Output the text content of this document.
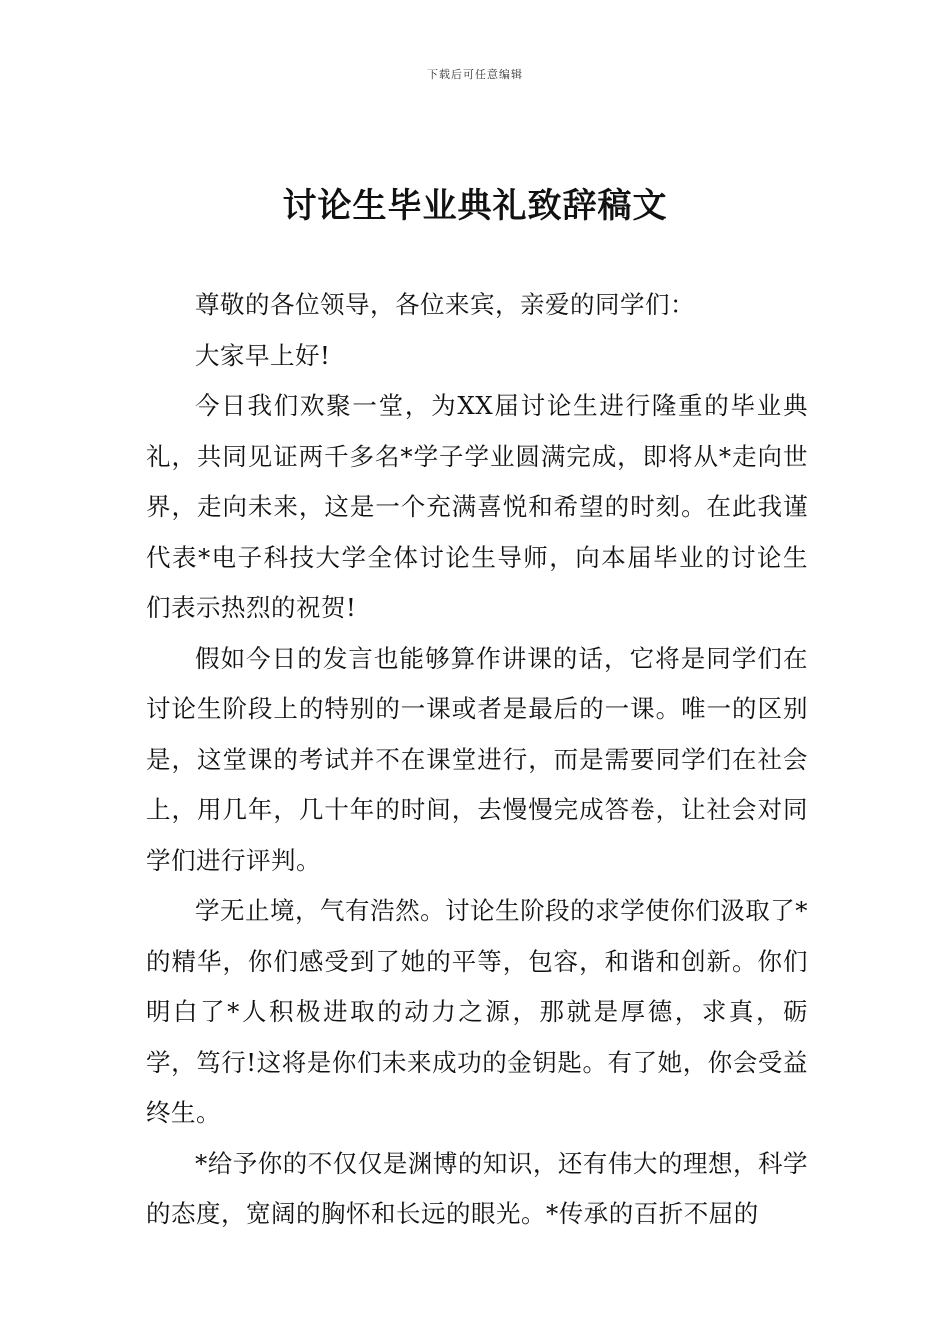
下载后可任意编辑
讨论生毕业典礼致辞稿文

尊敬的各位领导，各位来宾，亲爱的同学们：

大家早上好!

今日我们欢聚一堂，为XX届讨论生进行隆重的毕业典礼，共同见证两千多名*学子学业圆满完成，即将从*走向世界，走向未来，这是一个充满喜悦和希望的时刻。在此我谨代表*电子科技大学全体讨论生导师，向本届毕业的讨论生们表示热烈的祝贺!

假如今日的发言也能够算作讲课的话，它将是同学们在讨论生阶段上的特别的一课或者是最后的一课。唯一的区别是，这堂课的考试并不在课堂进行，而是需要同学们在社会上，用几年，几十年的时间，去慢慢完成答卷，让社会对同学们进行评判。

学无止境，气有浩然。讨论生阶段的求学使你们汲取了*的精华，你们感受到了她的平等，包容，和谐和创新。你们明白了*人积极进取的动力之源，那就是厚德，求真，砺学，笃行!这将是你们未来成功的金钥匙。有了她，你会受益终生。

*给予你的不仅仅是渊博的知识，还有伟大的理想，科学的态度，宽阔的胸怀和长远的眼光。*传承的百折不屈的
